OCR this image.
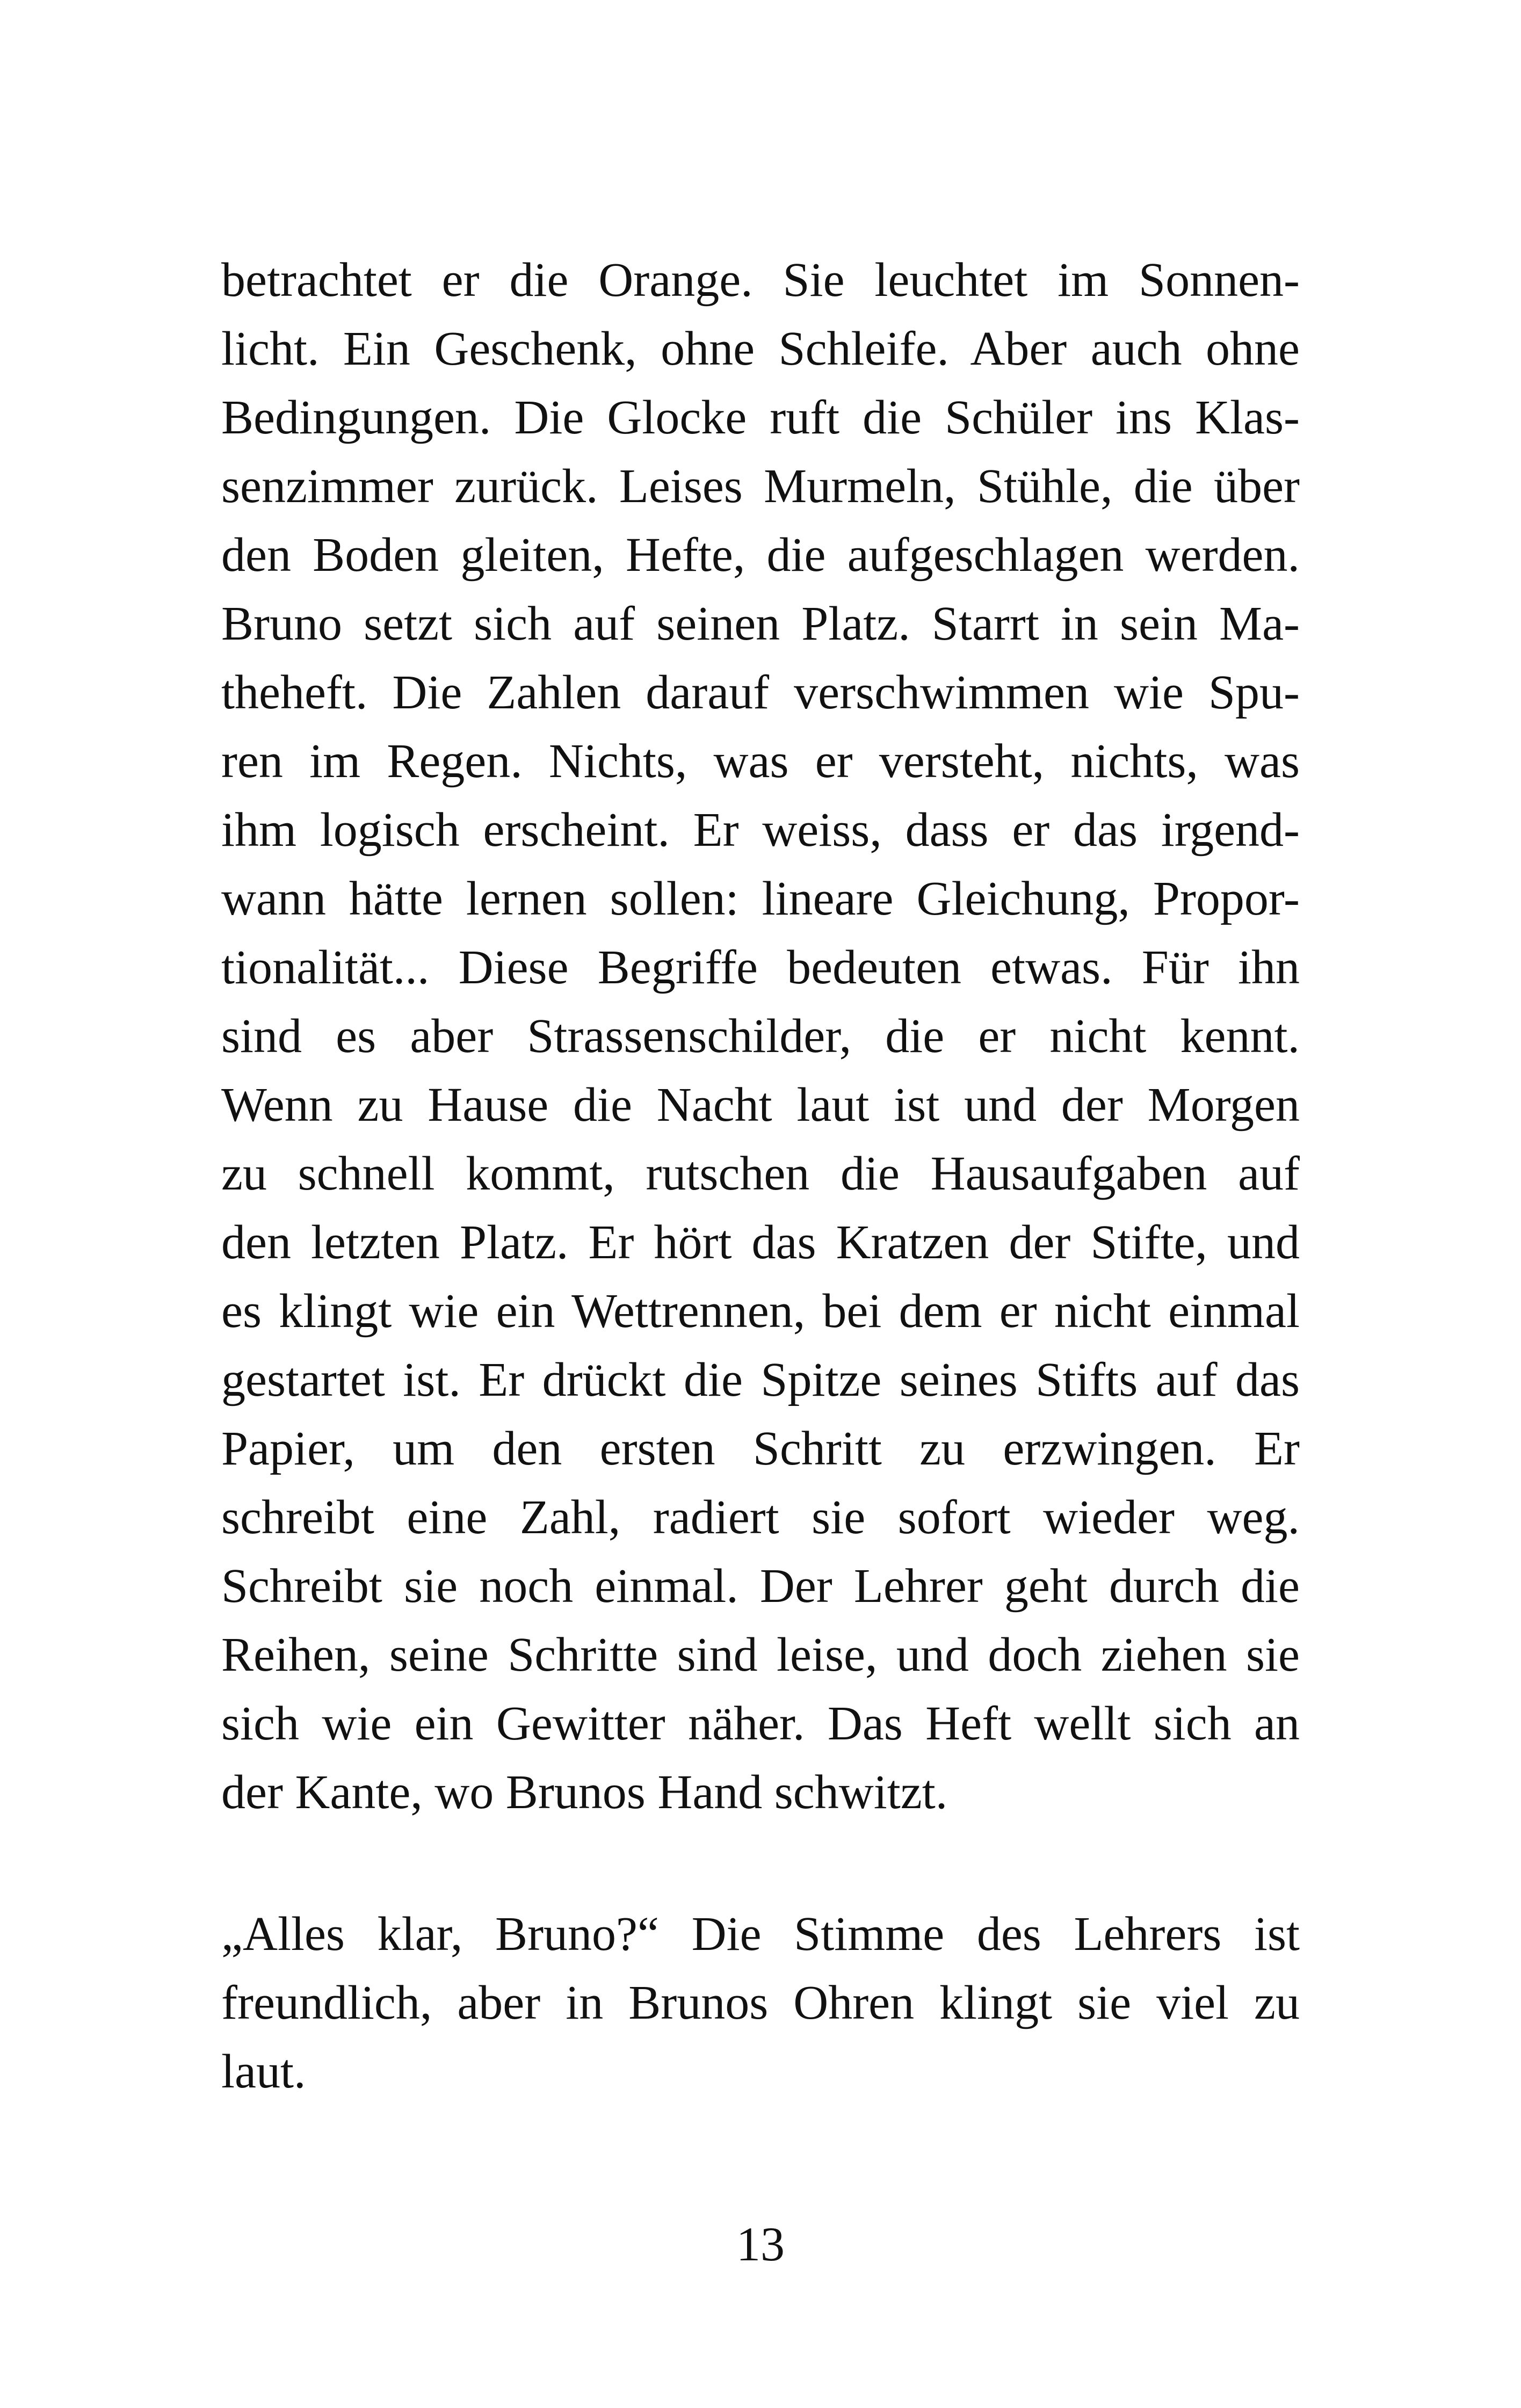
betrachtet er die Orange. Sie leuchtet im Sonnen-
licht. Ein Geschenk, ohne Schleife. Aber auch ohne
Bedingungen. Die Glocke ruft die Schüler ins Klas-
senzimmer zurück. Leises Murmeln, Stühle, die über
den Boden gleiten, Hefte, die aufgeschlagen werden.
Bruno setzt sich auf seinen Platz. Starrt in sein Ma-
theheft. Die Zahlen darauf verschwimmen wie Spu-
ren im Regen. Nichts, was er versteht, nichts, was
ihm logisch erscheint. Er weiss, dass er das irgend-
wann hätte lernen sollen: lineare Gleichung, Propor-
tionalität... Diese Begriffe bedeuten etwas. Für ihn
sind es aber Strassenschilder, die er nicht kennt.
Wenn zu Hause die Nacht laut ist und der Morgen
zu schnell kommt, rutschen die Hausaufgaben auf
den letzten Platz. Er hört das Kratzen der Stifte, und
es klingt wie ein Wettrennen, bei dem er nicht einmal
gestartet ist. Er drückt die Spitze seines Stifts auf das
Papier, um den ersten Schritt zu erzwingen. Er
schreibt eine Zahl, radiert sie sofort wieder weg.
Schreibt sie noch einmal. Der Lehrer geht durch die
Reihen, seine Schritte sind leise, und doch ziehen sie
sich wie ein Gewitter näher. Das Heft wellt sich an
der Kante, wo Brunos Hand schwitzt.
„Alles klar, Bruno?“ Die Stimme des Lehrers ist
freundlich, aber in Brunos Ohren klingt sie viel zu
laut.
13
